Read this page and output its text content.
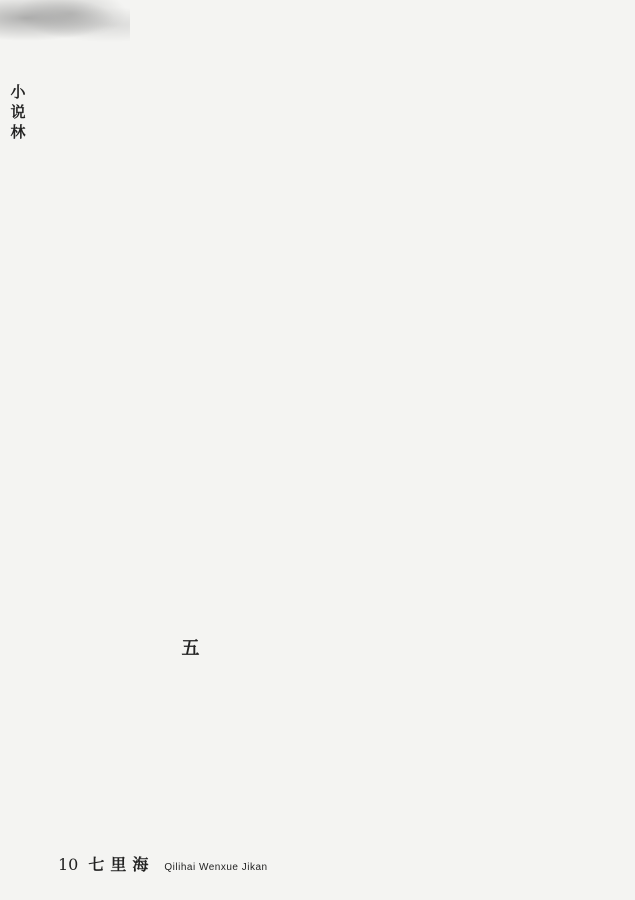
小说林

五

10 七里海 Qilihai Wenxue Jikan
